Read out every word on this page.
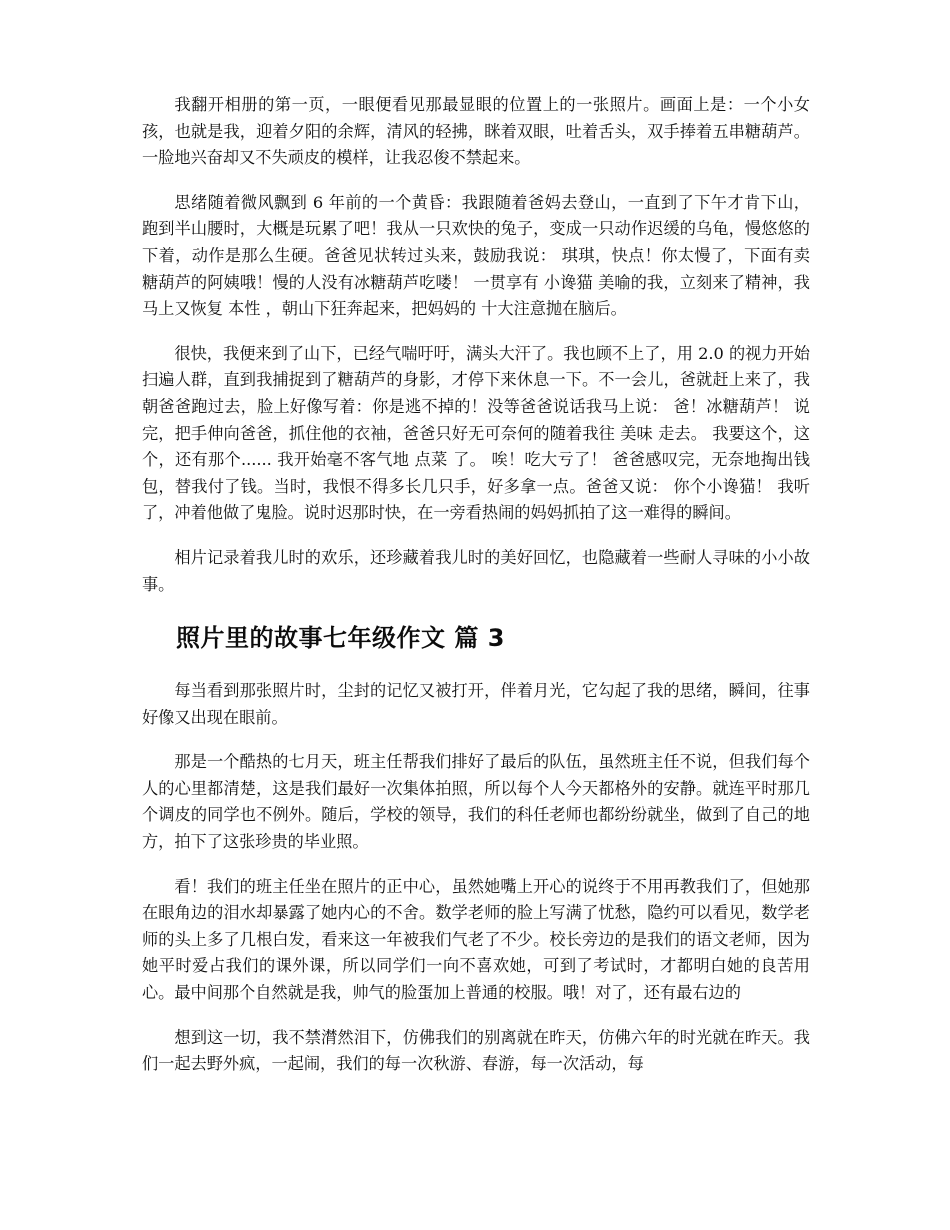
我翻开相册的第一页，一眼便看见那最显眼的位置上的一张照片。画面上是：一个小女孩，也就是我，迎着夕阳的余辉，清风的轻拂，眯着双眼，吐着舌头，双手捧着五串糖葫芦。一脸地兴奋却又不失顽皮的模样，让我忍俊不禁起来。

思绪随着微风飘到 6 年前的一个黄昏：我跟随着爸妈去登山，一直到了下午才肯下山，跑到半山腰时，大概是玩累了吧！我从一只欢快的兔子，变成一只动作迟缓的乌龟，慢悠悠的下着，动作是那么生硬。爸爸见状转过头来，鼓励我说： 琪琪，快点！你太慢了，下面有卖糖葫芦的阿姨哦！慢的人没有冰糖葫芦吃喽！ 一贯享有 小谗猫 美喻的我，立刻来了精神，我马上又恢复 本性 ，朝山下狂奔起来，把妈妈的 十大注意抛在脑后。

很快，我便来到了山下，已经气喘吁吁，满头大汗了。我也顾不上了，用 2.0 的视力开始扫遍人群，直到我捕捉到了糖葫芦的身影，才停下来休息一下。不一会儿，爸就赶上来了，我朝爸爸跑过去，脸上好像写着：你是逃不掉的！没等爸爸说话我马上说： 爸！冰糖葫芦！ 说完，把手伸向爸爸，抓住他的衣袖，爸爸只好无可奈何的随着我往 美味 走去。 我要这个，这个，还有那个...... 我开始毫不客气地 点菜 了。 唉！吃大亏了！ 爸爸感叹完，无奈地掏出钱包，替我付了钱。当时，我恨不得多长几只手，好多拿一点。爸爸又说： 你个小谗猫！ 我听了，冲着他做了鬼脸。说时迟那时快，在一旁看热闹的妈妈抓拍了这一难得的瞬间。

相片记录着我儿时的欢乐，还珍藏着我儿时的美好回忆，也隐藏着一些耐人寻味的小小故事。

照片里的故事七年级作文 篇 3

每当看到那张照片时，尘封的记忆又被打开，伴着月光，它勾起了我的思绪，瞬间，往事好像又出现在眼前。

那是一个酷热的七月天，班主任帮我们排好了最后的队伍，虽然班主任不说，但我们每个人的心里都清楚，这是我们最好一次集体拍照，所以每个人今天都格外的安静。就连平时那几个调皮的同学也不例外。随后，学校的领导，我们的科任老师也都纷纷就坐，做到了自己的地方，拍下了这张珍贵的毕业照。

看！我们的班主任坐在照片的正中心，虽然她嘴上开心的说终于不用再教我们了，但她那在眼角边的泪水却暴露了她内心的不舍。数学老师的脸上写满了忧愁，隐约可以看见，数学老师的头上多了几根白发，看来这一年被我们气老了不少。校长旁边的是我们的语文老师，因为她平时爱占我们的课外课，所以同学们一向不喜欢她，可到了考试时，才都明白她的良苦用心。最中间那个自然就是我，帅气的脸蛋加上普通的校服。哦！对了，还有最右边的

想到这一切，我不禁潸然泪下，仿佛我们的别离就在昨天，仿佛六年的时光就在昨天。我们一起去野外疯，一起闹，我们的每一次秋游、春游，每一次活动，每
